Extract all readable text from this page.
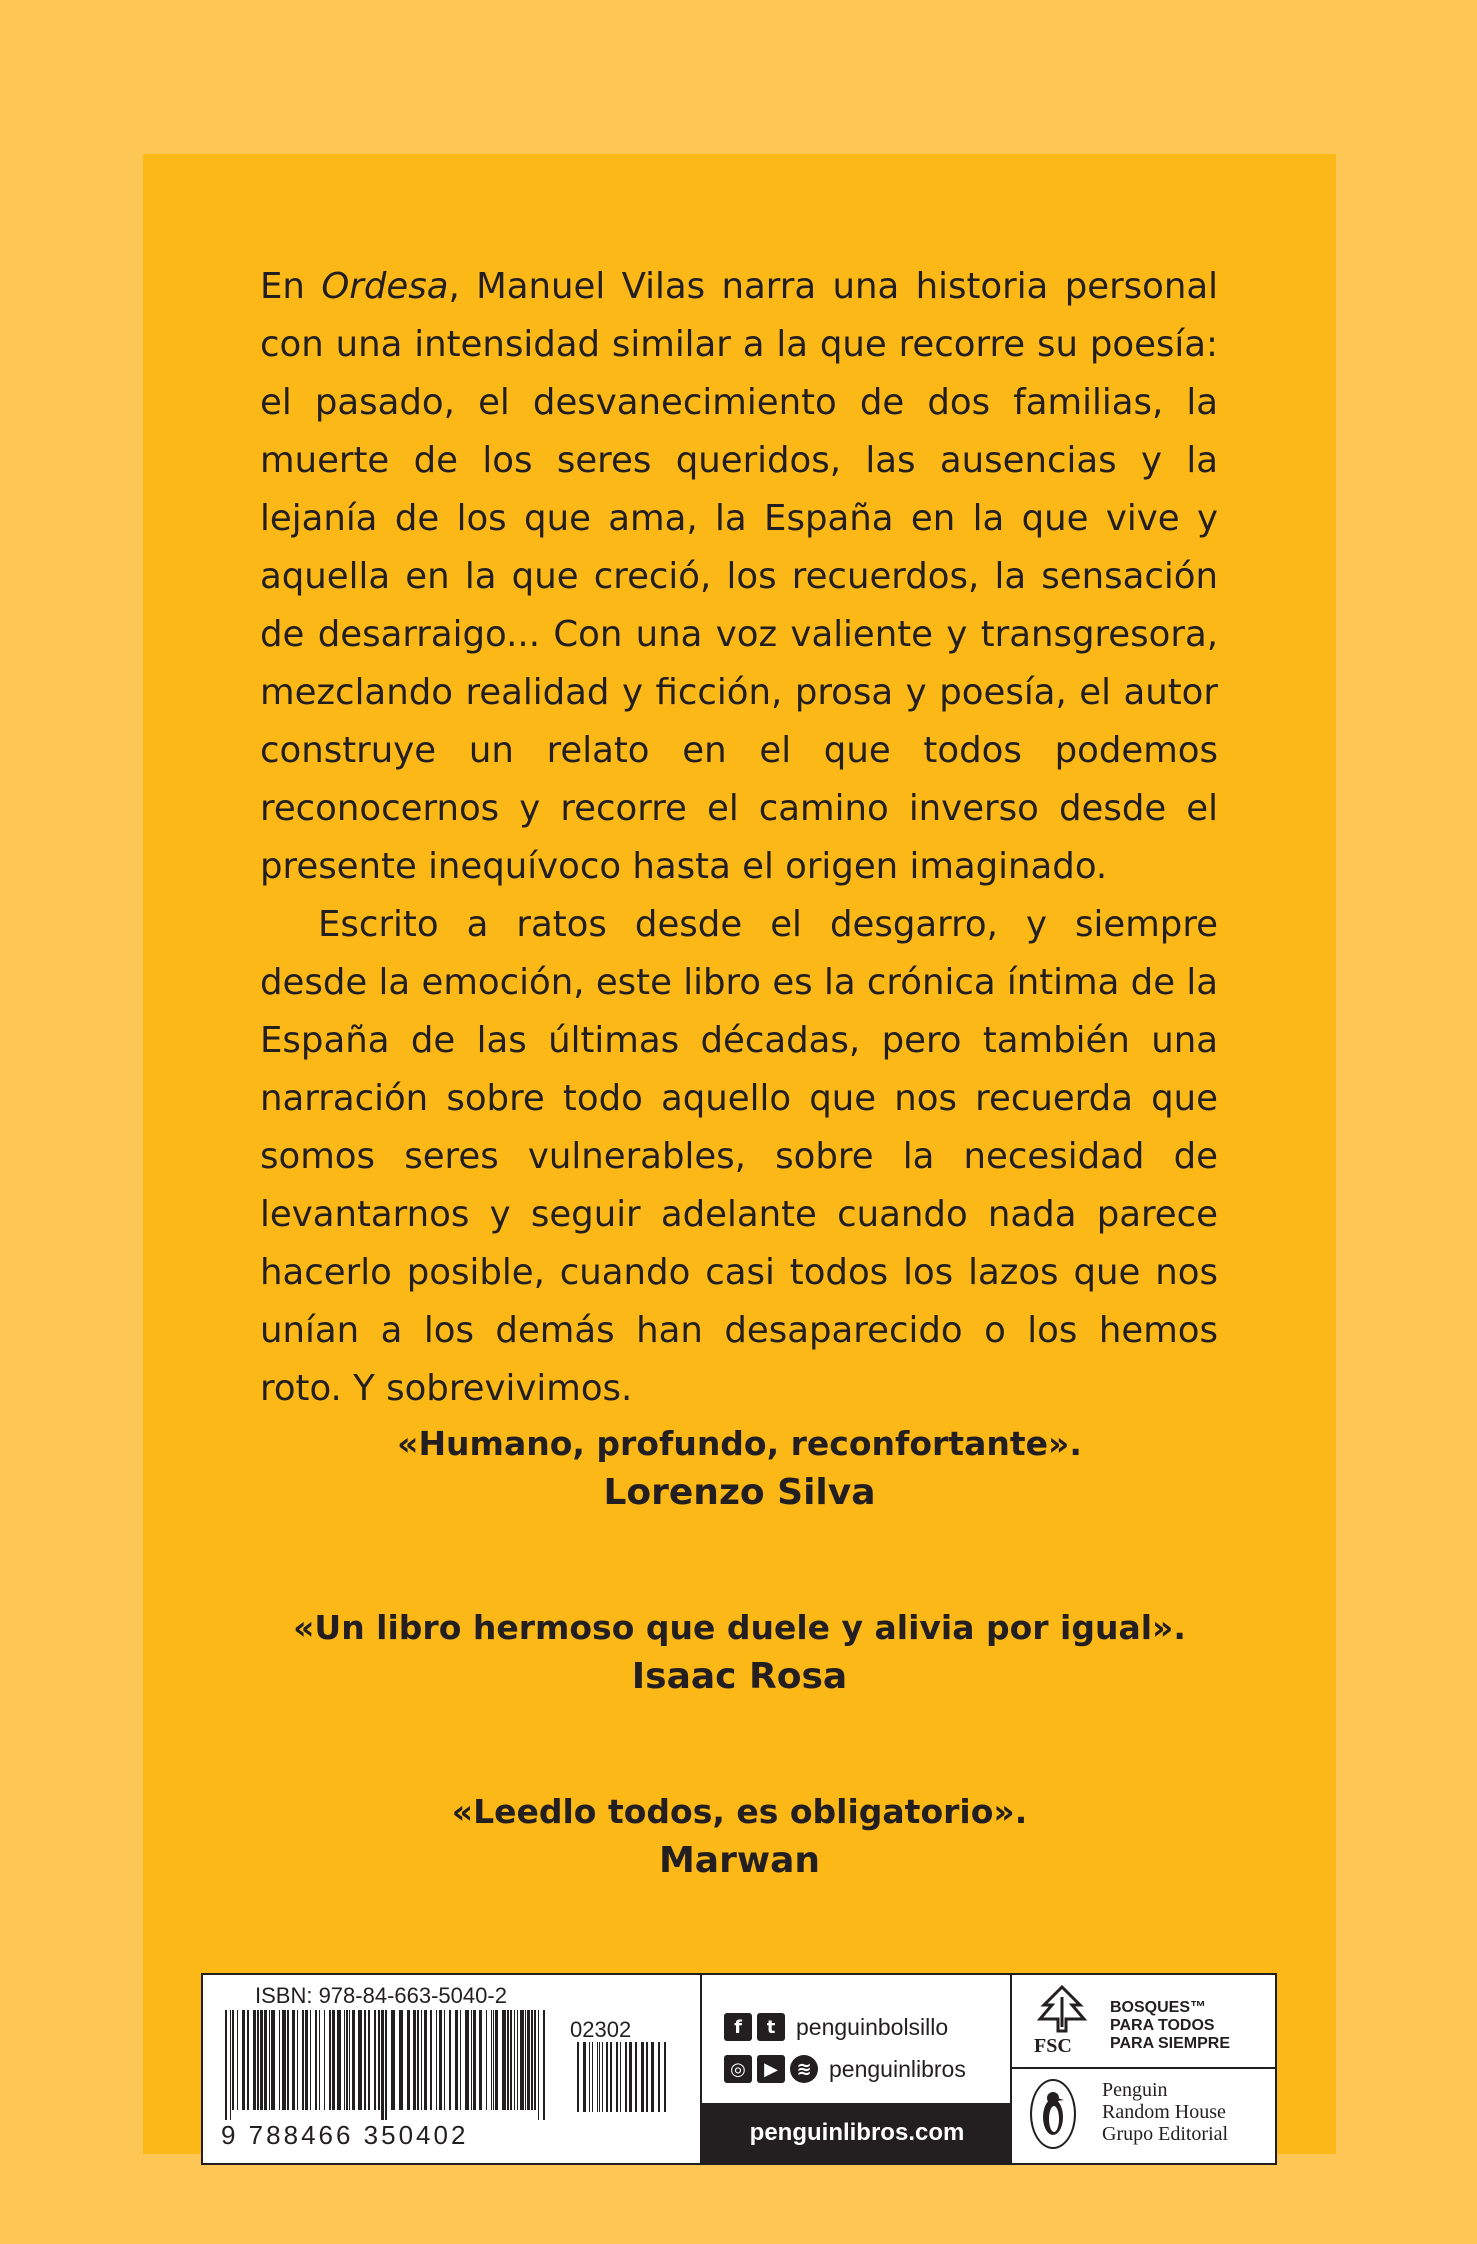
En Ordesa, Manuel Vilas narra una historia personal con una intensidad similar a la que recorre su poesía: el pasado, el desvanecimiento de dos familias, la muerte de los seres queridos, las ausencias y la lejanía de los que ama, la España en la que vive y aquella en la que creció, los recuerdos, la sensación de desarraigo... Con una voz valiente y transgresora, mezclando realidad y ficción, prosa y poesía, el autor construye un relato en el que todos podemos reconocernos y recorre el camino inverso desde el presente inequívoco hasta el origen imaginado.

Escrito a ratos desde el desgarro, y siempre desde la emoción, este libro es la crónica íntima de la España de las últimas décadas, pero también una narración sobre todo aquello que nos recuerda que somos seres vulnerables, sobre la necesidad de levantarnos y seguir adelante cuando nada parece hacerlo posible, cuando casi todos los lazos que nos unían a los demás han desaparecido o los hemos roto. Y sobrevivimos.

«Humano, profundo, reconfortante».
Lorenzo Silva
«Un libro hermoso que duele y alivia por igual».
Isaac Rosa
«Leedlo todos, es obligatorio».
Marwan
ISBN: 978-84-663-5040-2
02302
9 788466 350402
f	t penguinbolsillo
◎	▶	≋ penguinlibros
penguinlibros.com
FSC
BOSQUES™
PARA TODOS
PARA SIEMPRE
Penguin
Random House
Grupo Editorial
